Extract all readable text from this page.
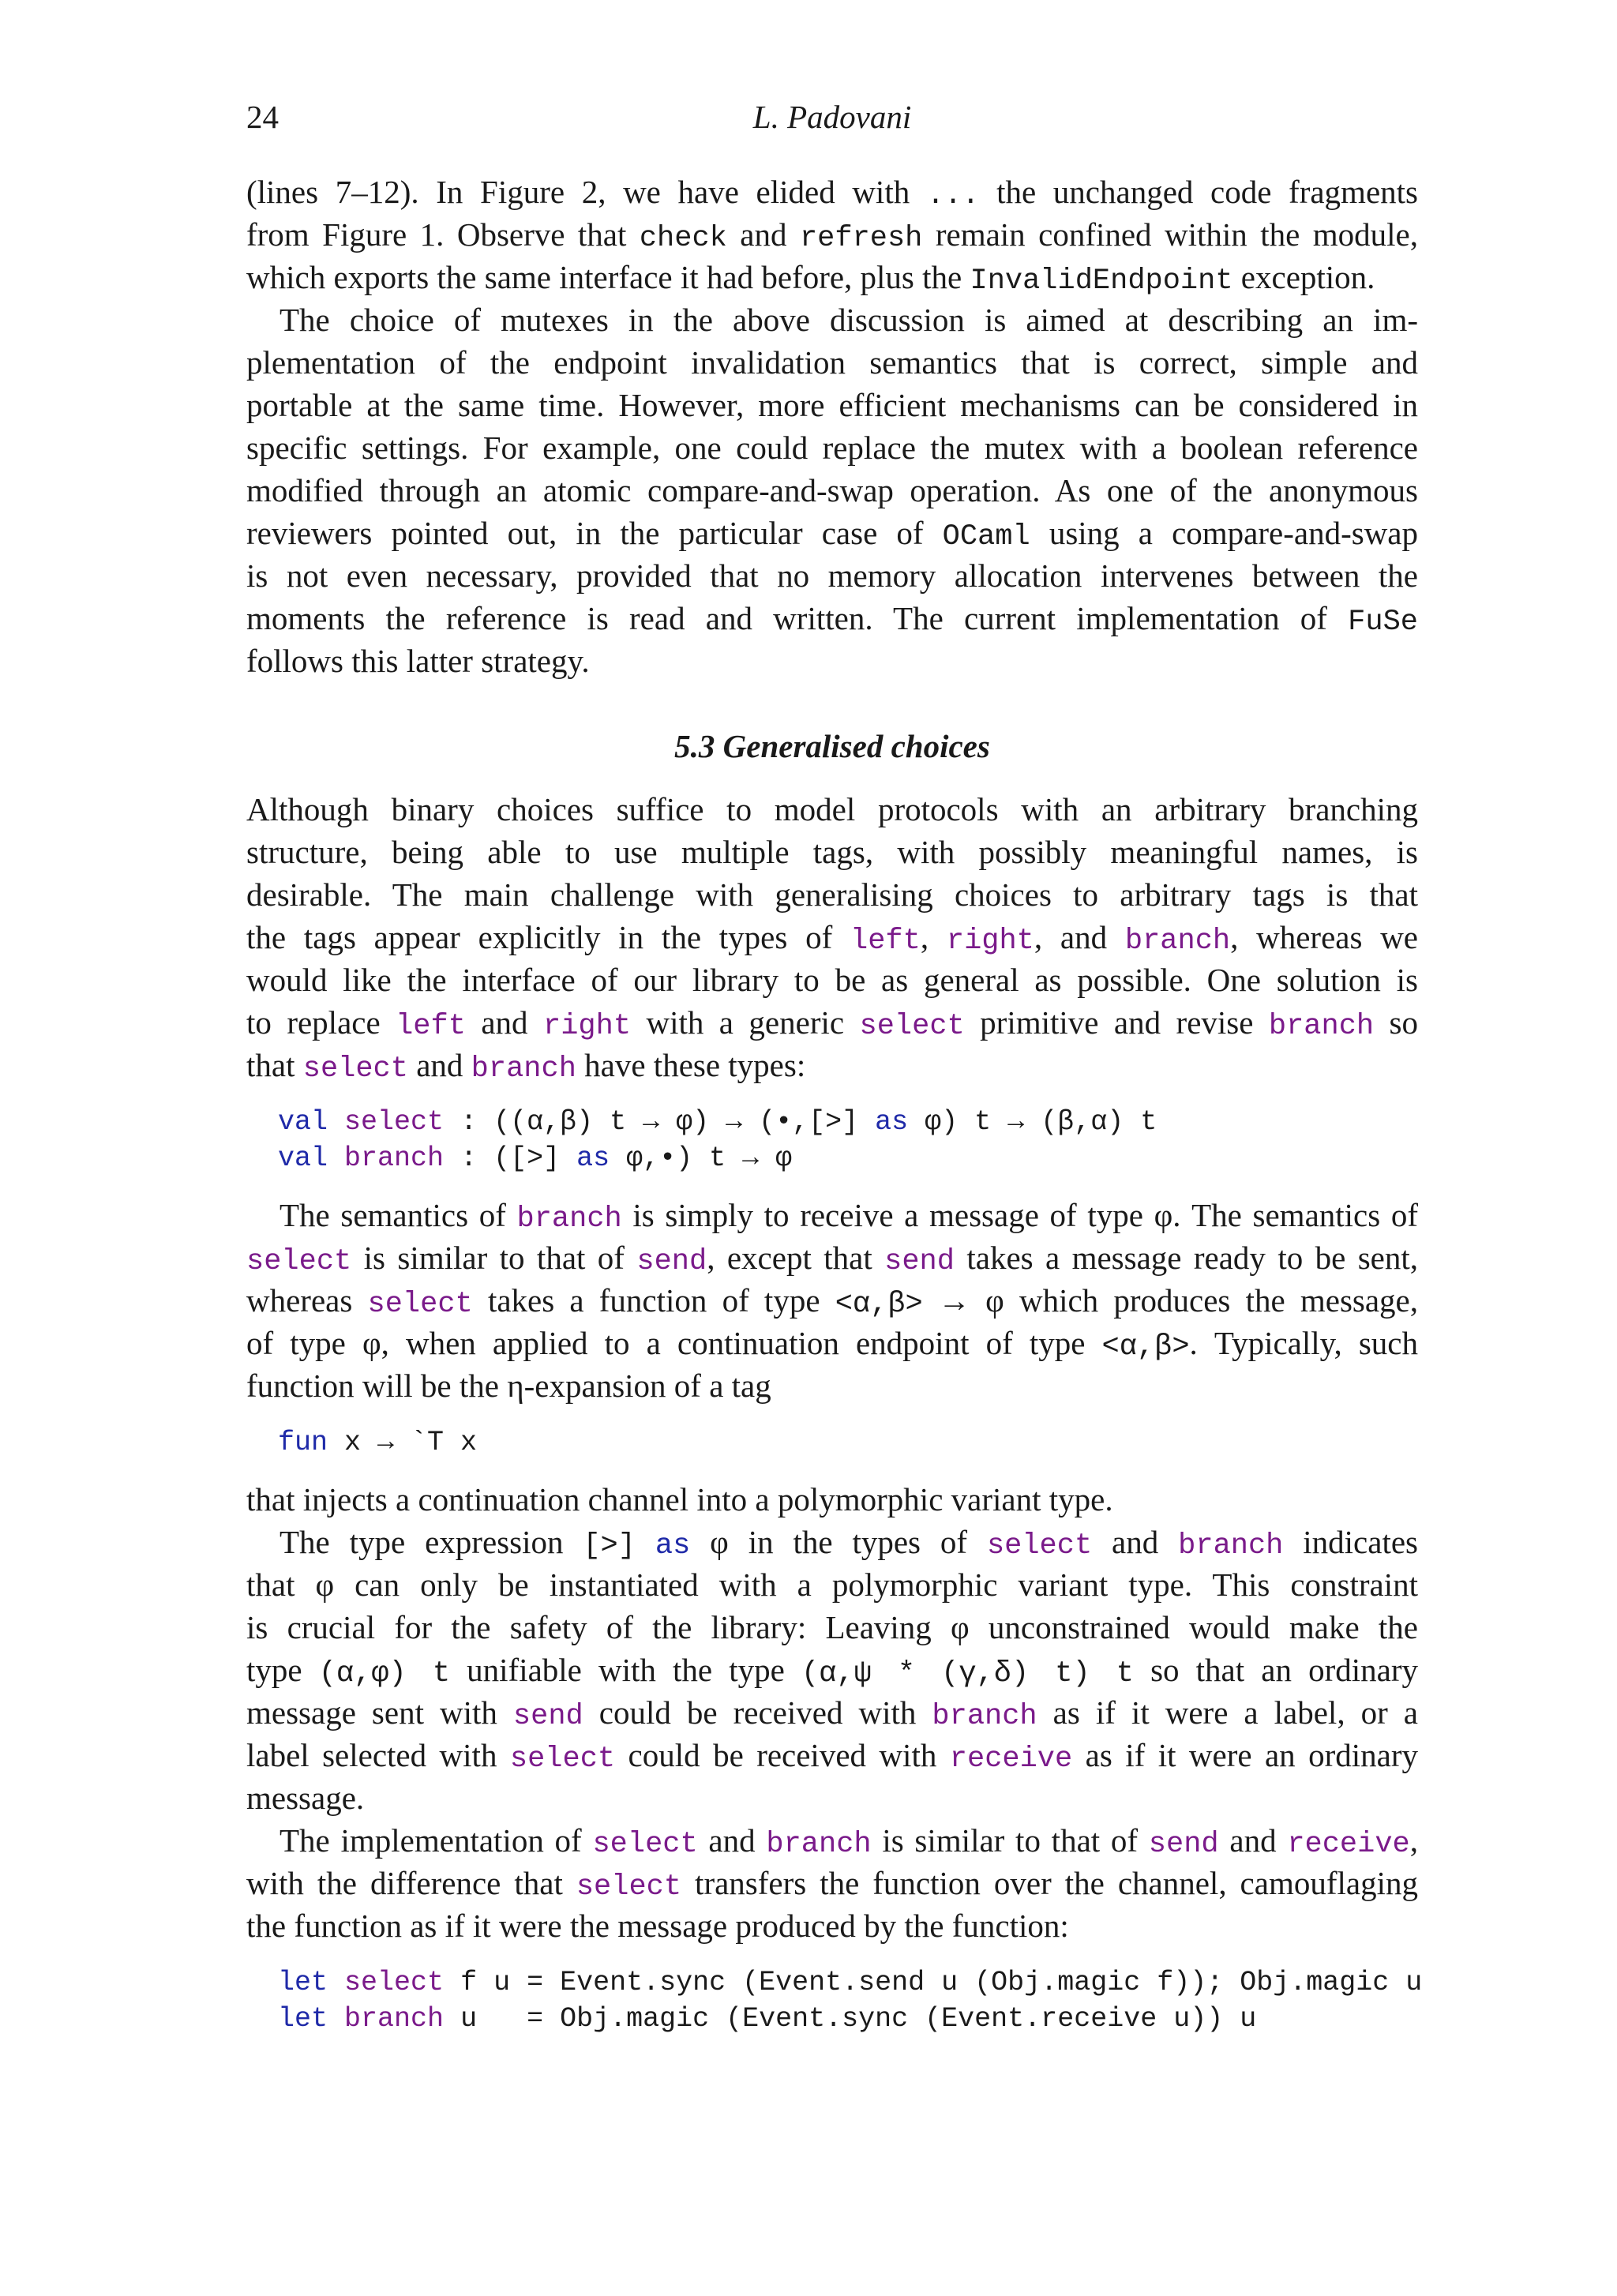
24	L. Padovani
(lines 7–12). In Figure 2, we have elided with ... the unchanged code fragments
from Figure 1. Observe that check and refresh remain confined within the module,
which exports the same interface it had before, plus the InvalidEndpoint exception.
The choice of mutexes in the above discussion is aimed at describing an im-
plementation of the endpoint invalidation semantics that is correct, simple and
portable at the same time. However, more efficient mechanisms can be considered in
specific settings. For example, one could replace the mutex with a boolean reference
modified through an atomic compare-and-swap operation. As one of the anonymous
reviewers pointed out, in the particular case of OCaml using a compare-and-swap
is not even necessary, provided that no memory allocation intervenes between the
moments the reference is read and written. The current implementation of FuSe
follows this latter strategy.
5.3 Generalised choices
Although binary choices suffice to model protocols with an arbitrary branching
structure, being able to use multiple tags, with possibly meaningful names, is
desirable. The main challenge with generalising choices to arbitrary tags is that
the tags appear explicitly in the types of left, right, and branch, whereas we
would like the interface of our library to be as general as possible. One solution is
to replace left and right with a generic select primitive and revise branch so
that select and branch have these types:
val select : ((α,β) t → φ) → (•,[>] as φ) t → (β,α) t
val branch : ([>] as φ,•) t → φ
The semantics of branch is simply to receive a message of type φ. The semantics of
select is similar to that of send, except that send takes a message ready to be sent,
whereas select takes a function of type <α,β> → φ which produces the message,
of type φ, when applied to a continuation endpoint of type <α,β>. Typically, such
function will be the η-expansion of a tag
fun x → `T x
that injects a continuation channel into a polymorphic variant type.
The type expression [>] as φ in the types of select and branch indicates
that φ can only be instantiated with a polymorphic variant type. This constraint
is crucial for the safety of the library: Leaving φ unconstrained would make the
type (α,φ) t unifiable with the type (α,ψ * (γ,δ) t) t so that an ordinary
message sent with send could be received with branch as if it were a label, or a
label selected with select could be received with receive as if it were an ordinary
message.
The implementation of select and branch is similar to that of send and receive,
with the difference that select transfers the function over the channel, camouflaging
the function as if it were the message produced by the function:
let select f u = Event.sync (Event.send u (Obj.magic f)); Obj.magic u
let branch u   = Obj.magic (Event.sync (Event.receive u)) u
